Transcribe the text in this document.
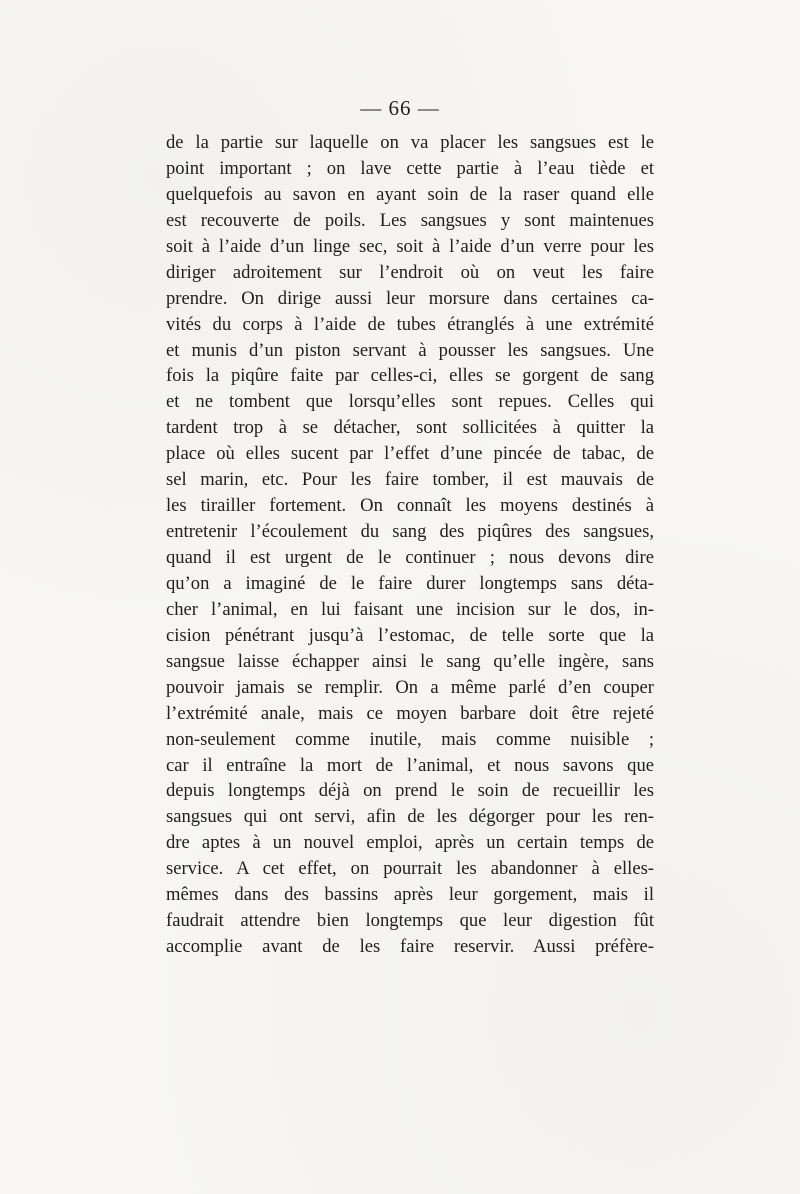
— 66 —
de la partie sur laquelle on va placer les sangsues est le
point important ; on lave cette partie à l’eau tiède et
quelquefois au savon en ayant soin de la raser quand elle
est recouverte de poils. Les sangsues y sont maintenues
soit à l’aide d’un linge sec, soit à l’aide d’un verre pour les
diriger adroitement sur l’endroit où on veut les faire
prendre. On dirige aussi leur morsure dans certaines ca-
vités du corps à l’aide de tubes étranglés à une extrémité
et munis d’un piston servant à pousser les sangsues. Une
fois la piqûre faite par celles-ci, elles se gorgent de sang
et ne tombent que lorsqu’elles sont repues. Celles qui
tardent trop à se détacher, sont sollicitées à quitter la
place où elles sucent par l’effet d’une pincée de tabac, de
sel marin, etc. Pour les faire tomber, il est mauvais de
les tirailler fortement. On connaît les moyens destinés à
entretenir l’écoulement du sang des piqûres des sangsues,
quand il est urgent de le continuer ; nous devons dire
qu’on a imaginé de le faire durer longtemps sans déta-
cher l’animal, en lui faisant une incision sur le dos, in-
cision pénétrant jusqu’à l’estomac, de telle sorte que la
sangsue laisse échapper ainsi le sang qu’elle ingère, sans
pouvoir jamais se remplir. On a même parlé d’en couper
l’extrémité anale, mais ce moyen barbare doit être rejeté
non-seulement comme inutile, mais comme nuisible ;
car il entraîne la mort de l’animal, et nous savons que
depuis longtemps déjà on prend le soin de recueillir les
sangsues qui ont servi, afin de les dégorger pour les ren-
dre aptes à un nouvel emploi, après un certain temps de
service. A cet effet, on pourrait les abandonner à elles-
mêmes dans des bassins après leur gorgement, mais il
faudrait attendre bien longtemps que leur digestion fût
accomplie avant de les faire reservir. Aussi préfère-
